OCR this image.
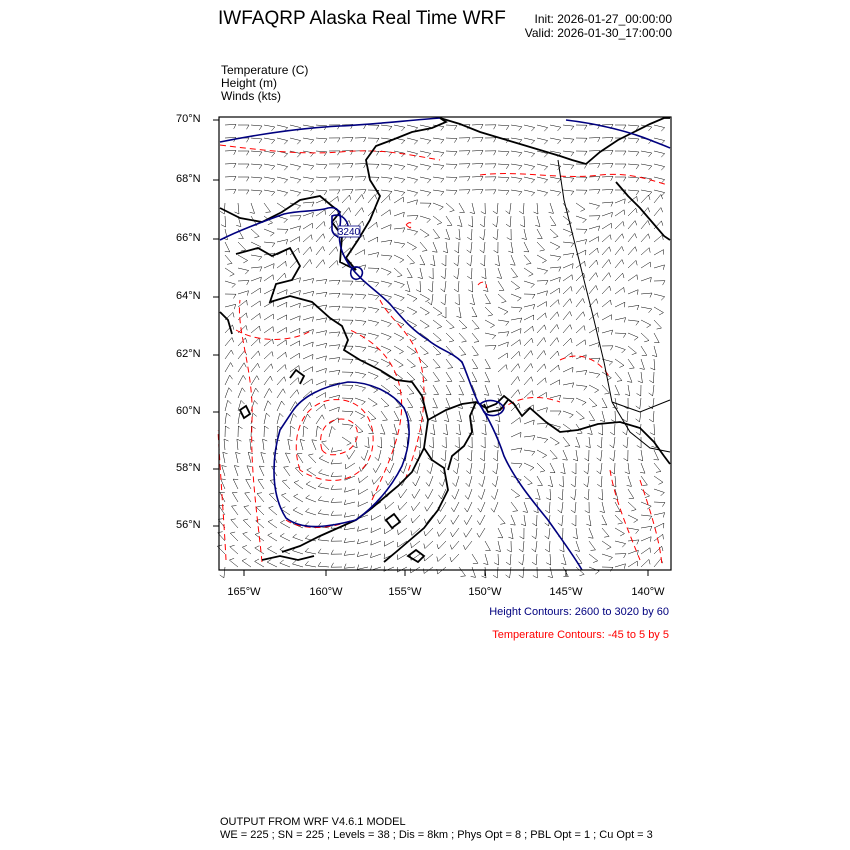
3240
IWFAQRP Alaska Real Time WRF Init: 2026-01-27_00:00:00
Valid: 2026-01-30_17:00:00
Temperature (C)
Height (m)
Winds (kts)
70°N
68°N
66°N
64°N
62°N
60°N
58°N
56°N
165°W	160°W	155°W	150°W	145°W	140°W
Height Contours: 2600 to 3020 by 60
Temperature Contours: -45 to 5 by 5
OUTPUT FROM WRF V4.6.1 MODEL
WE = 225 ; SN = 225 ; Levels = 38 ; Dis = 8km ; Phys Opt = 8 ; PBL Opt = 1 ; Cu Opt = 3
